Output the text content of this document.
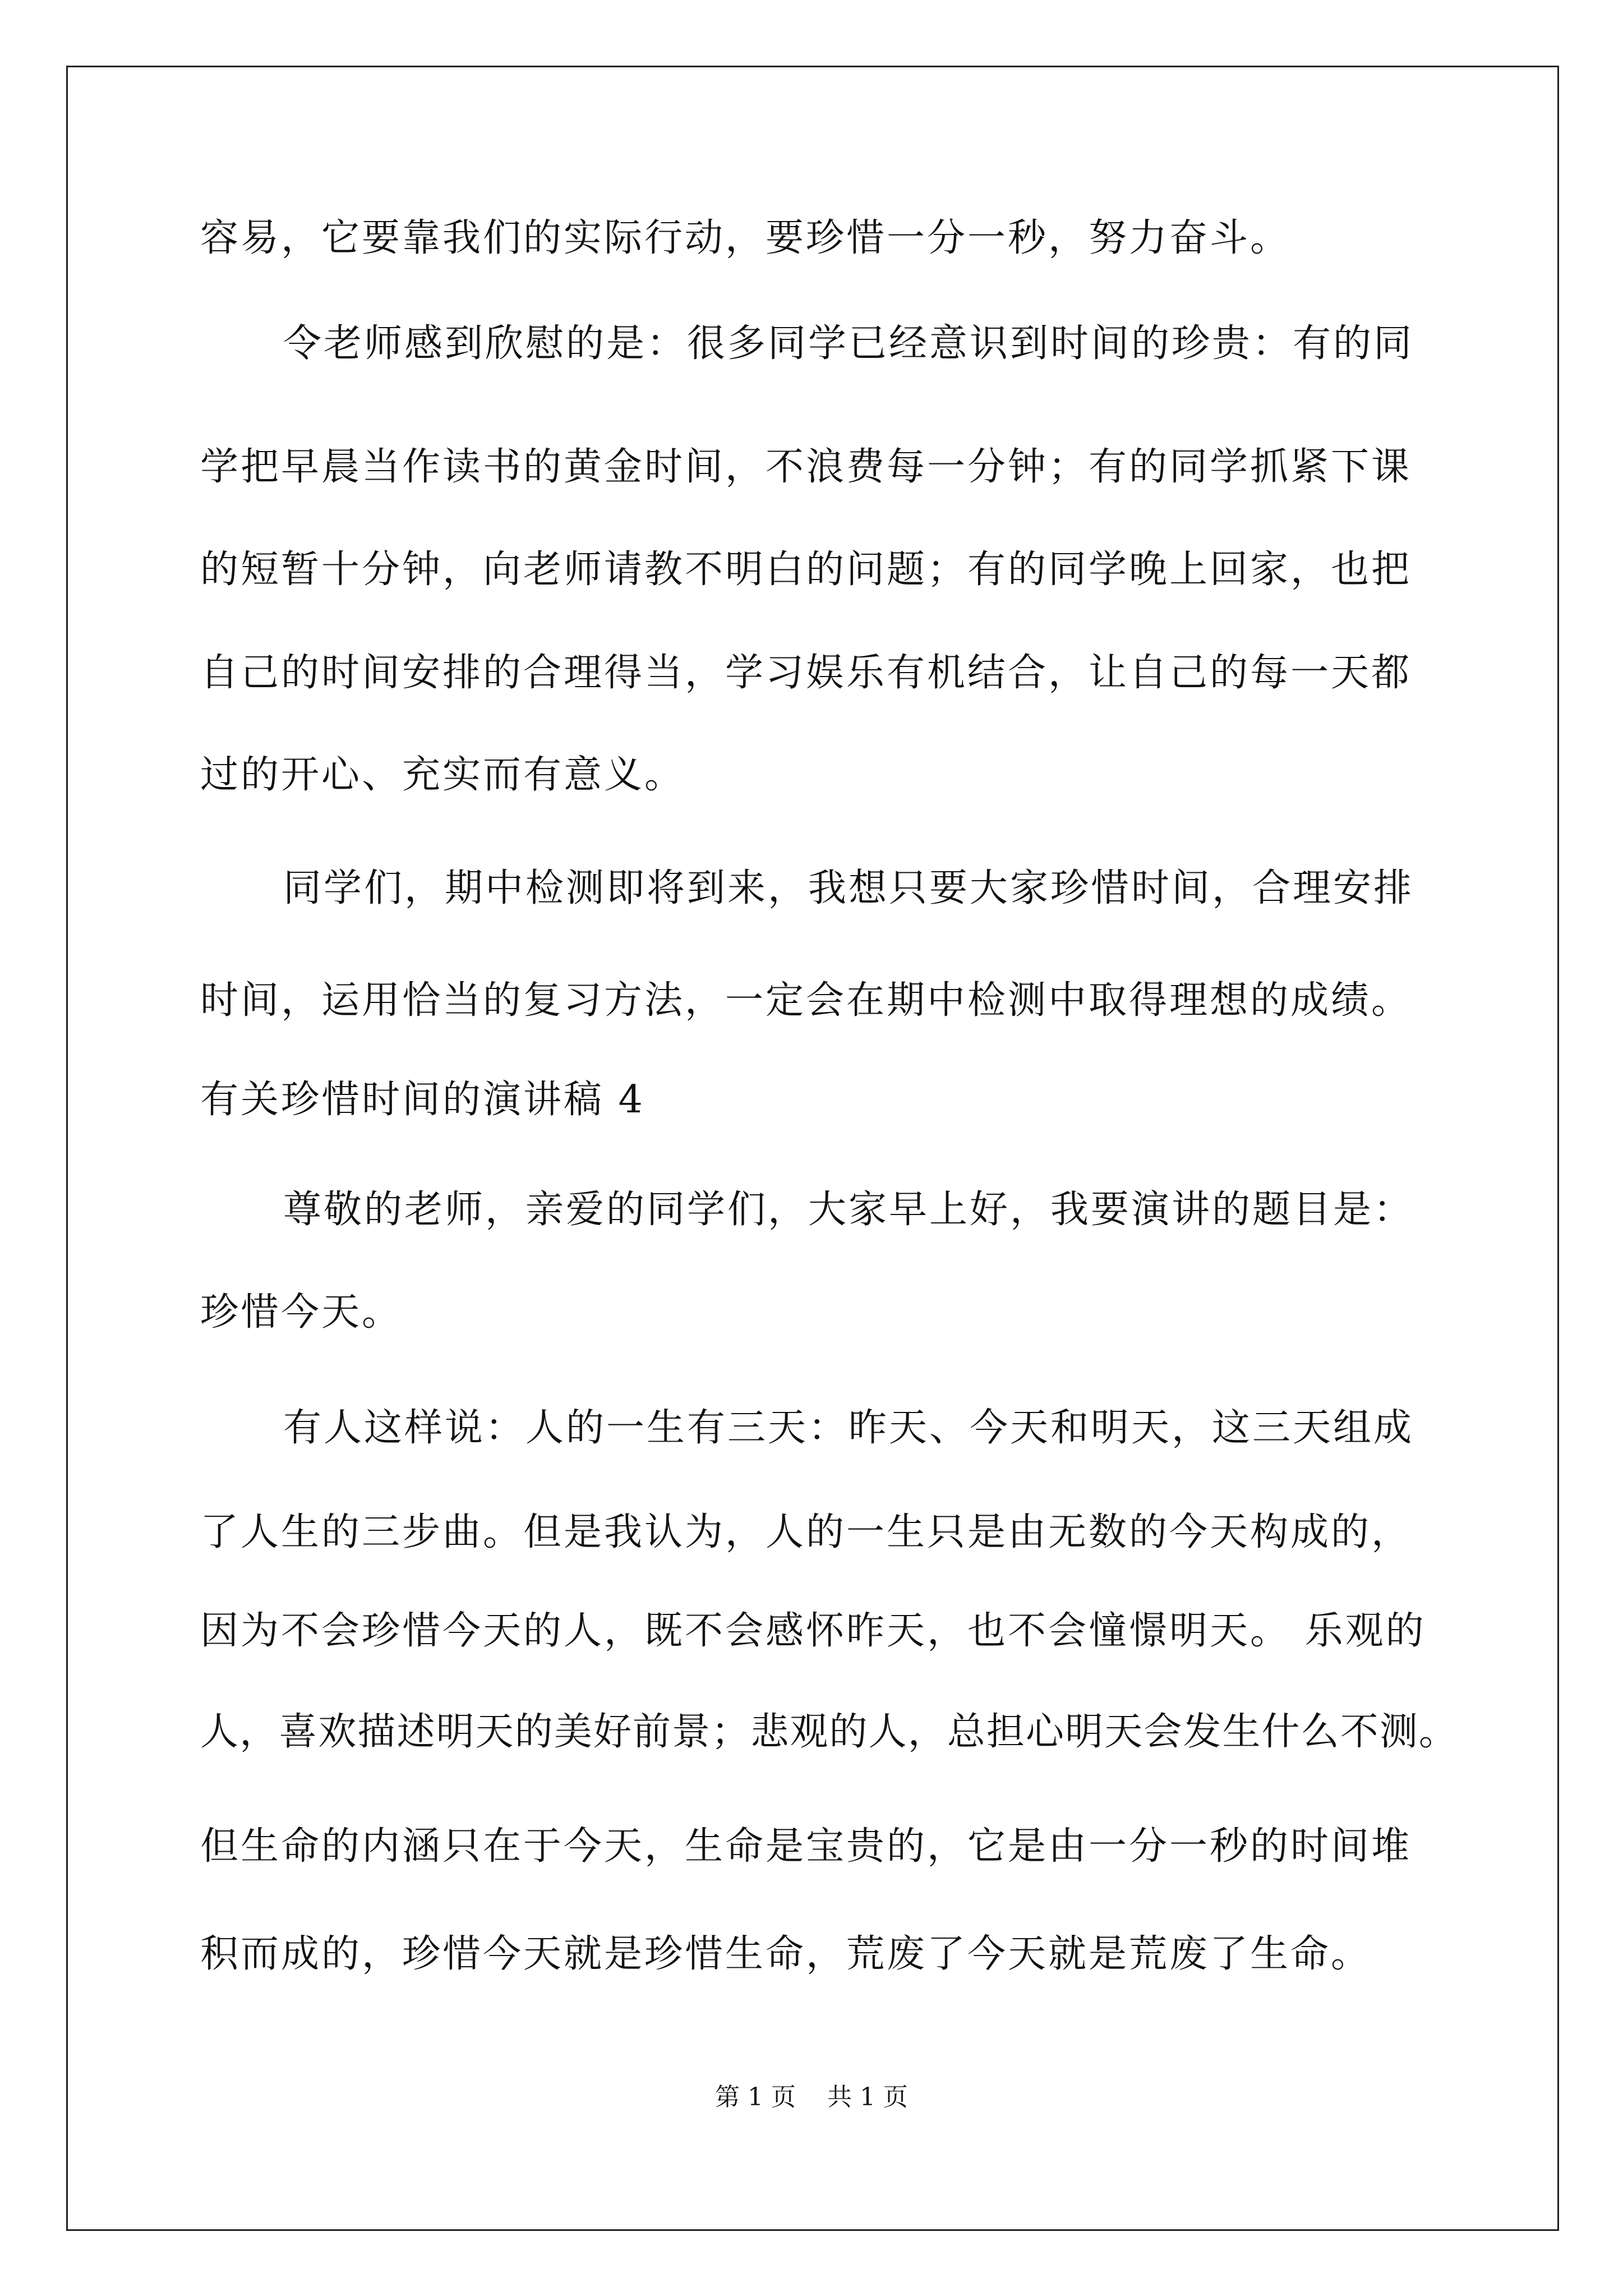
容易，它要靠我们的实际行动，要珍惜一分一秒，努力奋斗。
令老师感到欣慰的是：很多同学已经意识到时间的珍贵：有的同
学把早晨当作读书的黄金时间，不浪费每一分钟；有的同学抓紧下课
的短暂十分钟，向老师请教不明白的问题；有的同学晚上回家，也把
自己的时间安排的合理得当，学习娱乐有机结合，让自己的每一天都
过的开心、充实而有意义。
同学们，期中检测即将到来，我想只要大家珍惜时间，合理安排
时间，运用恰当的复习方法，一定会在期中检测中取得理想的成绩。
有关珍惜时间的演讲稿 4
尊敬的老师，亲爱的同学们，大家早上好，我要演讲的题目是：
珍惜今天。
有人这样说：人的一生有三天：昨天、今天和明天，这三天组成
了人生的三步曲。但是我认为，人的一生只是由无数的今天构成的，
因为不会珍惜今天的人，既不会感怀昨天，也不会憧憬明天。 乐观的
人，喜欢描述明天的美好前景；悲观的人，总担心明天会发生什么不测。
但生命的内涵只在于今天，生命是宝贵的，它是由一分一秒的时间堆
积而成的，珍惜今天就是珍惜生命，荒废了今天就是荒废了生命。
第 1 页    共 1 页
